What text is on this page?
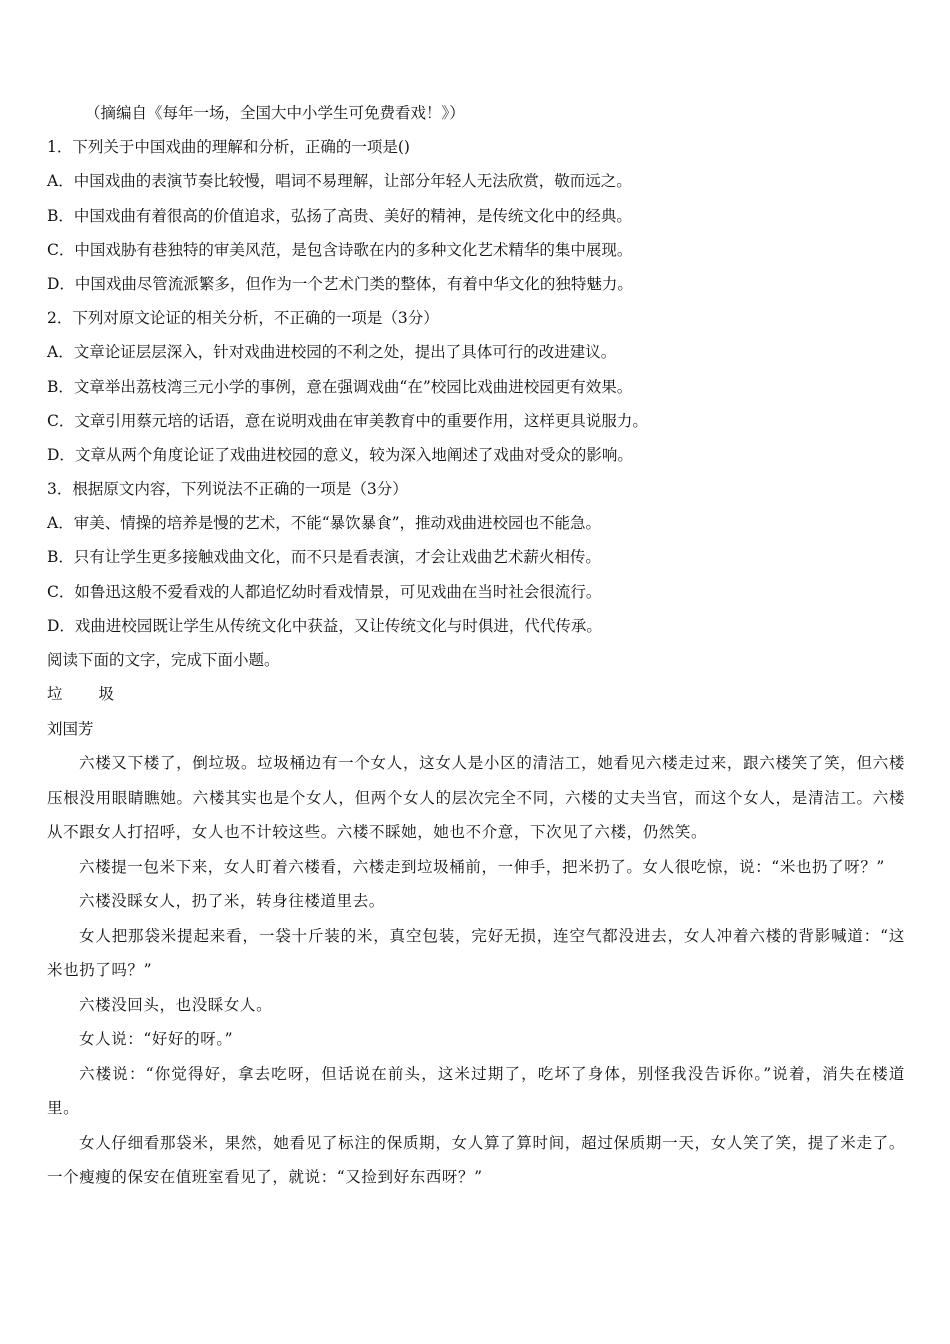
（摘编自《每年一场，全国大中小学生可免费看戏！》）

1．下列关于中国戏曲的理解和分析，正确的一项是()

A．中国戏曲的表演节奏比较慢，唱词不易理解，让部分年轻人无法欣赏，敬而远之。

B．中国戏曲有着很高的价值追求，弘扬了高贵、美好的精神，是传统文化中的经典。

C．中国戏胁有巷独特的审美风范，是包含诗歌在内的多种文化艺术精华的集中展现。

D．中国戏曲尽管流派繁多，但作为一个艺术门类的整体，有着中华文化的独特魅力。

2．下列对原文论证的相关分析，不正确的一项是（3分）

A．文章论证层层深入，针对戏曲进校园的不利之处，提出了具体可行的改进建议。

B．文章举出荔枝湾三元小学的事例，意在强调戏曲“在”校园比戏曲进校园更有效果。

C．文章引用蔡元培的话语，意在说明戏曲在审美教育中的重要作用，这样更具说服力。

D．文章从两个角度论证了戏曲进校园的意义，较为深入地阐述了戏曲对受众的影响。

3．根据原文内容，下列说法不正确的一项是（3分）

A．审美、情操的培养是慢的艺术，不能“暴饮暴食”，推动戏曲进校园也不能急。

B．只有让学生更多接触戏曲文化，而不只是看表演，才会让戏曲艺术薪火相传。

C．如鲁迅这般不爱看戏的人都追忆幼时看戏情景，可见戏曲在当时社会很流行。

D．戏曲进校园既让学生从传统文化中获益，又让传统文化与时俱进，代代传承。

阅读下面的文字，完成下面小题。

垃 圾

刘国芳

六楼又下楼了，倒垃圾。垃圾桶边有一个女人，这女人是小区的清洁工，她看见六楼走过来，跟六楼笑了笑，但六楼压根没用眼睛瞧她。六楼其实也是个女人，但两个女人的层次完全不同，六楼的丈夫当官，而这个女人，是清洁工。六楼从不跟女人打招呼，女人也不计较这些。六楼不睬她，她也不介意，下次见了六楼，仍然笑。

六楼提一包米下来，女人盯着六楼看，六楼走到垃圾桶前，一伸手，把米扔了。女人很吃惊，说：“米也扔了呀？”

六楼没睬女人，扔了米，转身往楼道里去。

女人把那袋米提起来看，一袋十斤装的米，真空包装，完好无损，连空气都没进去，女人冲着六楼的背影喊道：“这米也扔了吗？”

六楼没回头，也没睬女人。

女人说：“好好的呀。”

六楼说：“你觉得好，拿去吃呀，但话说在前头，这米过期了，吃坏了身体，别怪我没告诉你。”说着，消失在楼道里。

女人仔细看那袋米，果然，她看见了标注的保质期，女人算了算时间，超过保质期一天，女人笑了笑，提了米走了。一个瘦瘦的保安在值班室看见了，就说：“又捡到好东西呀？”
